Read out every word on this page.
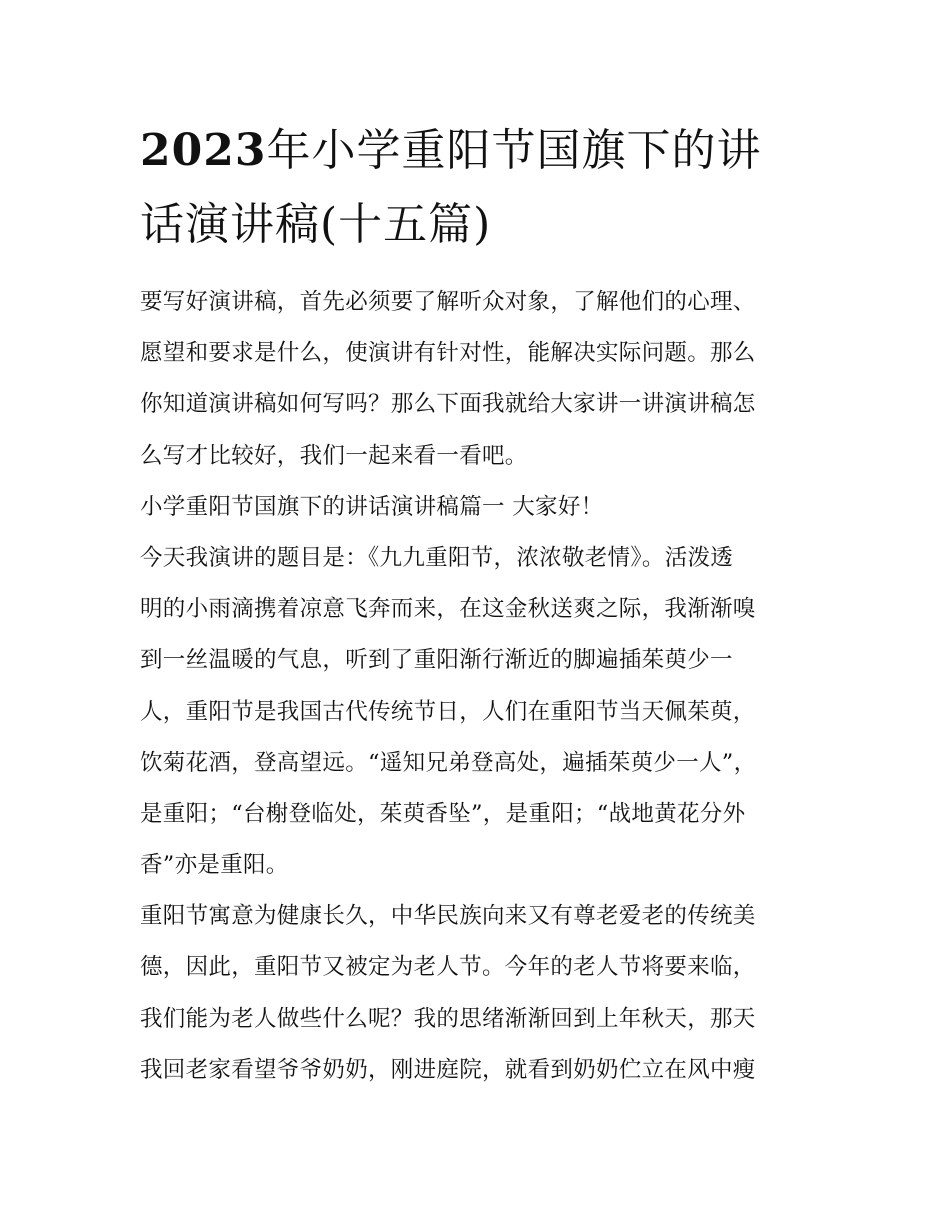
2023年小学重阳节国旗下的讲
话演讲稿(十五篇)
要写好演讲稿，首先必须要了解听众对象，了解他们的心理、
愿望和要求是什么，使演讲有针对性，能解决实际问题。那么
你知道演讲稿如何写吗？那么下面我就给大家讲一讲演讲稿怎
么写才比较好，我们一起来看一看吧。
小学重阳节国旗下的讲话演讲稿篇一 大家好！
今天我演讲的题目是：《九九重阳节，浓浓敬老情》。活泼透
明的小雨滴携着凉意飞奔而来，在这金秋送爽之际，我渐渐嗅
到一丝温暖的气息，听到了重阳渐行渐近的脚遍插茱萸少一
人，重阳节是我国古代传统节日，人们在重阳节当天佩茱萸，
饮菊花酒，登高望远。“遥知兄弟登高处，遍插茱萸少一人”，
是重阳；“台榭登临处，茱萸香坠”，是重阳；“战地黄花分外
香”亦是重阳。
重阳节寓意为健康长久，中华民族向来又有尊老爱老的传统美
德，因此，重阳节又被定为老人节。今年的老人节将要来临，
我们能为老人做些什么呢？我的思绪渐渐回到上年秋天，那天
我回老家看望爷爷奶奶，刚进庭院，就看到奶奶伫立在风中瘦
